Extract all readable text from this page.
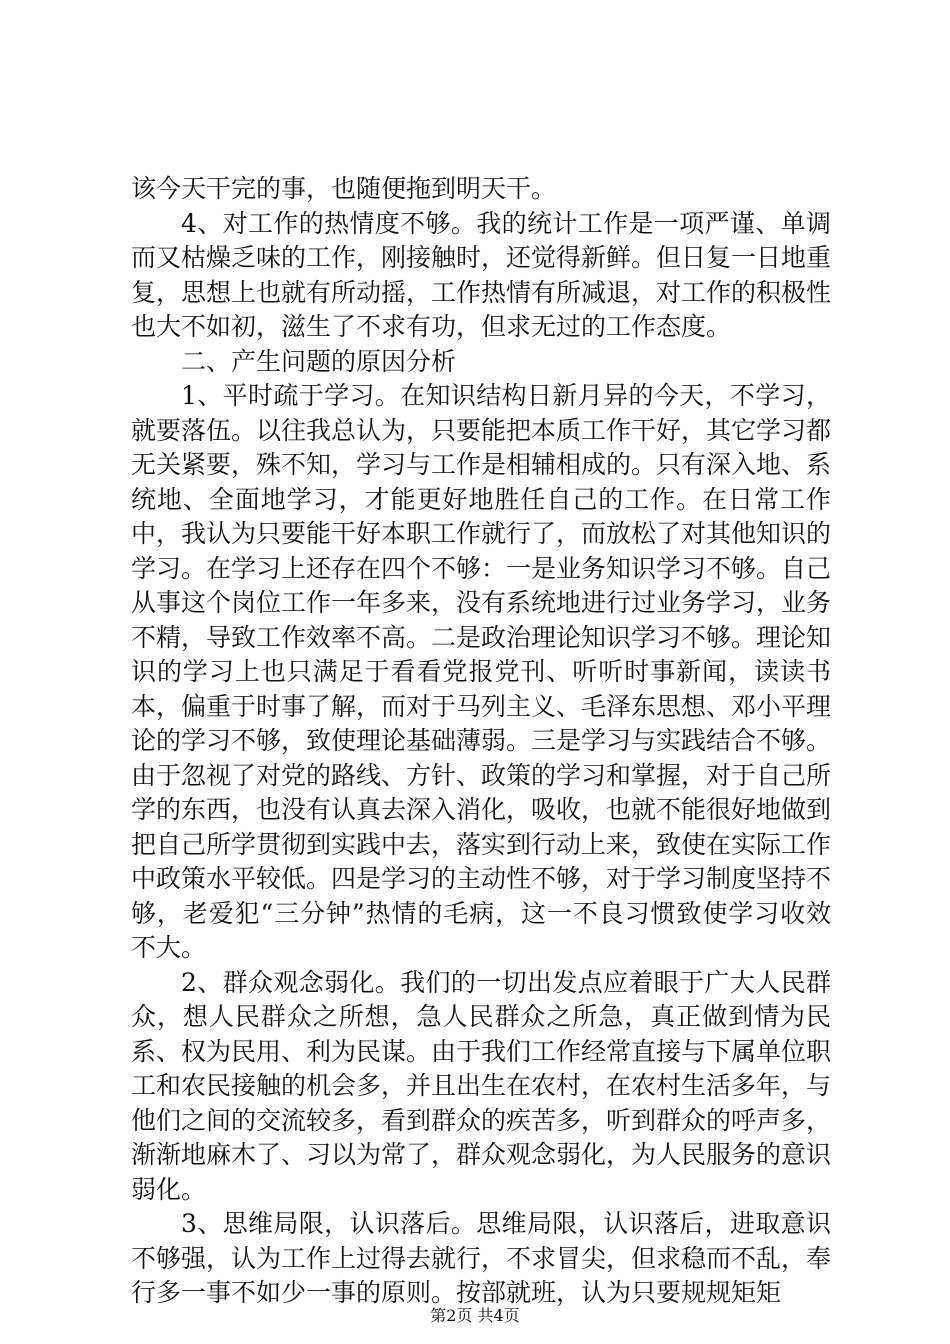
该今天干完的事，也随便拖到明天干。

4、对工作的热情度不够。我的统计工作是一项严谨、单调而又枯燥乏味的工作，刚接触时，还觉得新鲜。但日复一日地重复，思想上也就有所动摇，工作热情有所减退，对工作的积极性也大不如初，滋生了不求有功，但求无过的工作态度。

二、产生问题的原因分析

1、平时疏于学习。在知识结构日新月异的今天，不学习，就要落伍。以往我总认为，只要能把本质工作干好，其它学习都无关紧要，殊不知，学习与工作是相辅相成的。只有深入地、系统地、全面地学习，才能更好地胜任自己的工作。在日常工作中，我认为只要能干好本职工作就行了，而放松了对其他知识的学习。在学习上还存在四个不够：一是业务知识学习不够。自己从事这个岗位工作一年多来，没有系统地进行过业务学习，业务不精，导致工作效率不高。二是政治理论知识学习不够。理论知识的学习上也只满足于看看党报党刊、听听时事新闻，读读书本，偏重于时事了解，而对于马列主义、毛泽东思想、邓小平理论的学习不够，致使理论基础薄弱。三是学习与实践结合不够。由于忽视了对党的路线、方针、政策的学习和掌握，对于自己所学的东西，也没有认真去深入消化，吸收，也就不能很好地做到把自己所学贯彻到实践中去，落实到行动上来，致使在实际工作中政策水平较低。四是学习的主动性不够，对于学习制度坚持不够，老爱犯“三分钟”热情的毛病，这一不良习惯致使学习收效不大。

2、群众观念弱化。我们的一切出发点应着眼于广大人民群众，想人民群众之所想，急人民群众之所急，真正做到情为民系、权为民用、利为民谋。由于我们工作经常直接与下属单位职工和农民接触的机会多，并且出生在农村，在农村生活多年，与他们之间的交流较多，看到群众的疾苦多，听到群众的呼声多，渐渐地麻木了、习以为常了，群众观念弱化，为人民服务的意识弱化。

3、思维局限，认识落后。思维局限，认识落后，进取意识不够强，认为工作上过得去就行，不求冒尖，但求稳而不乱，奉行多一事不如少一事的原则。按部就班，认为只要规规矩矩

第2页 共4页
